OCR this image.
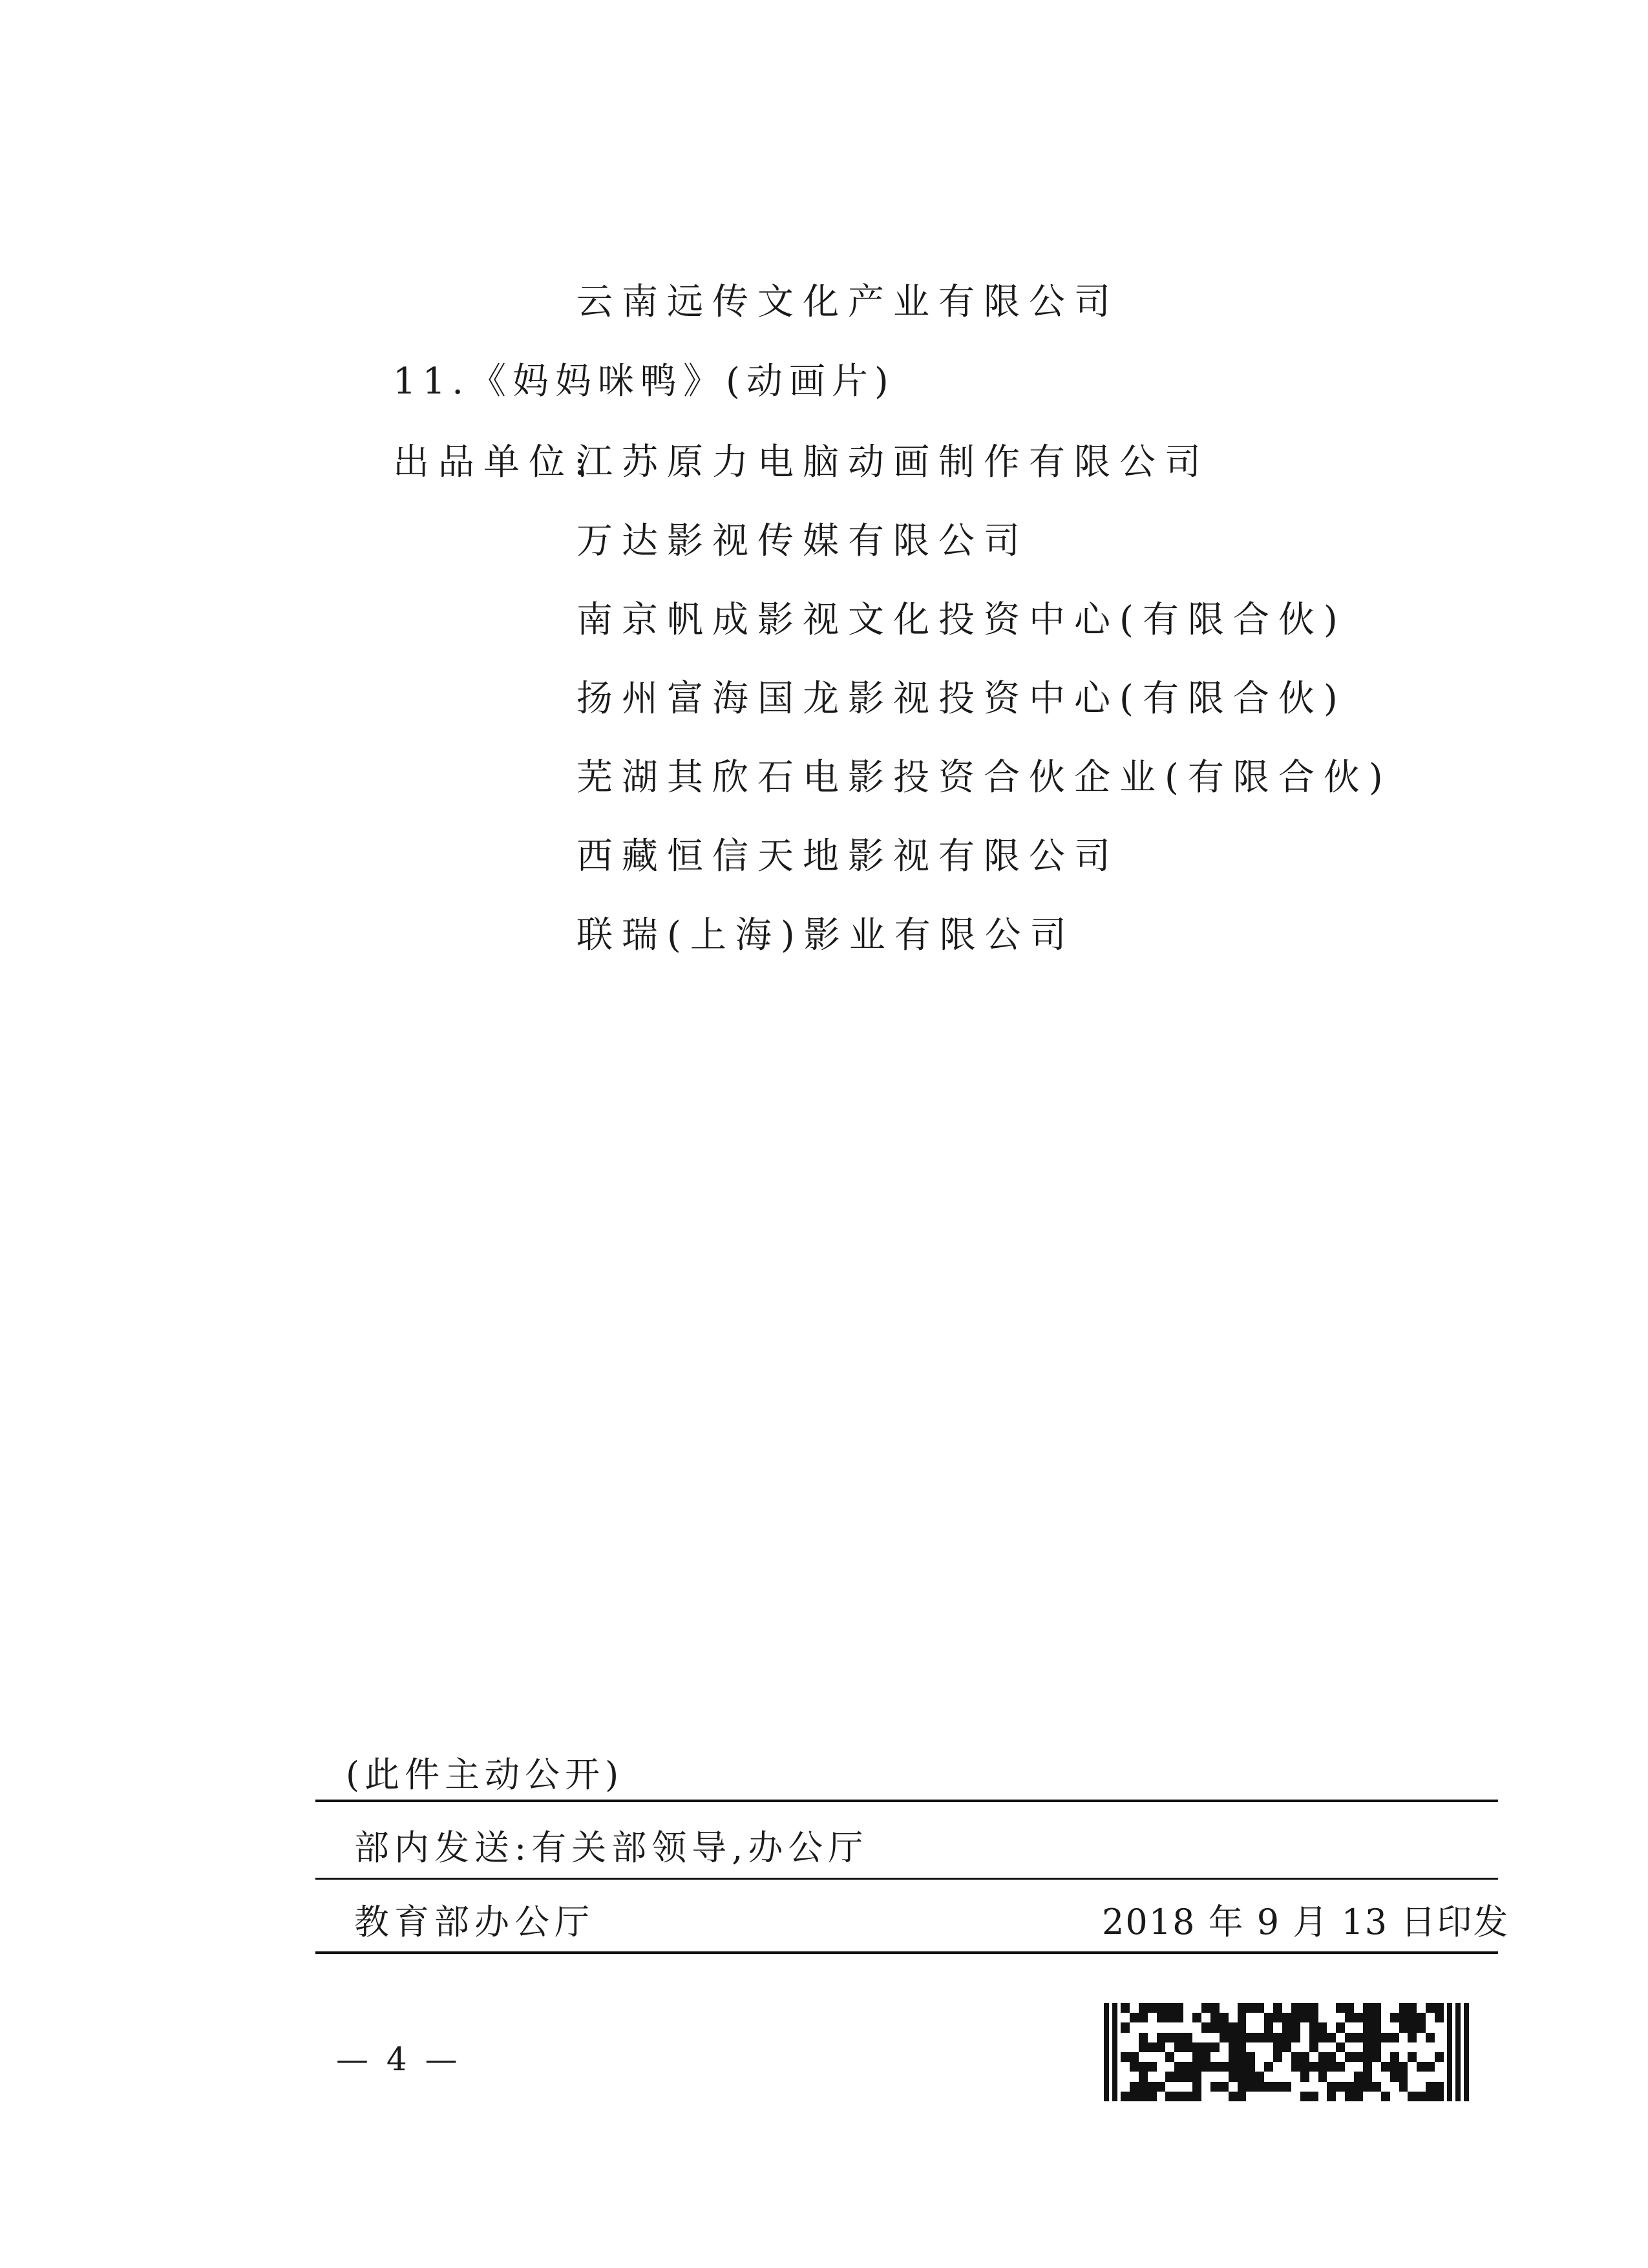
云南远传文化产业有限公司
11.《妈妈咪鸭》(动画片)
出品单位:
江苏原力电脑动画制作有限公司
万达影视传媒有限公司
南京帆成影视文化投资中心(有限合伙)
扬州富海国龙影视投资中心(有限合伙)
芜湖其欣石电影投资合伙企业(有限合伙)
西藏恒信天地影视有限公司
联瑞(上海)影业有限公司
(此件主动公开)
部内发送:有关部领导,办公厅
教育部办公厅	2018 年 9 月 13 日印发
— 4 —
